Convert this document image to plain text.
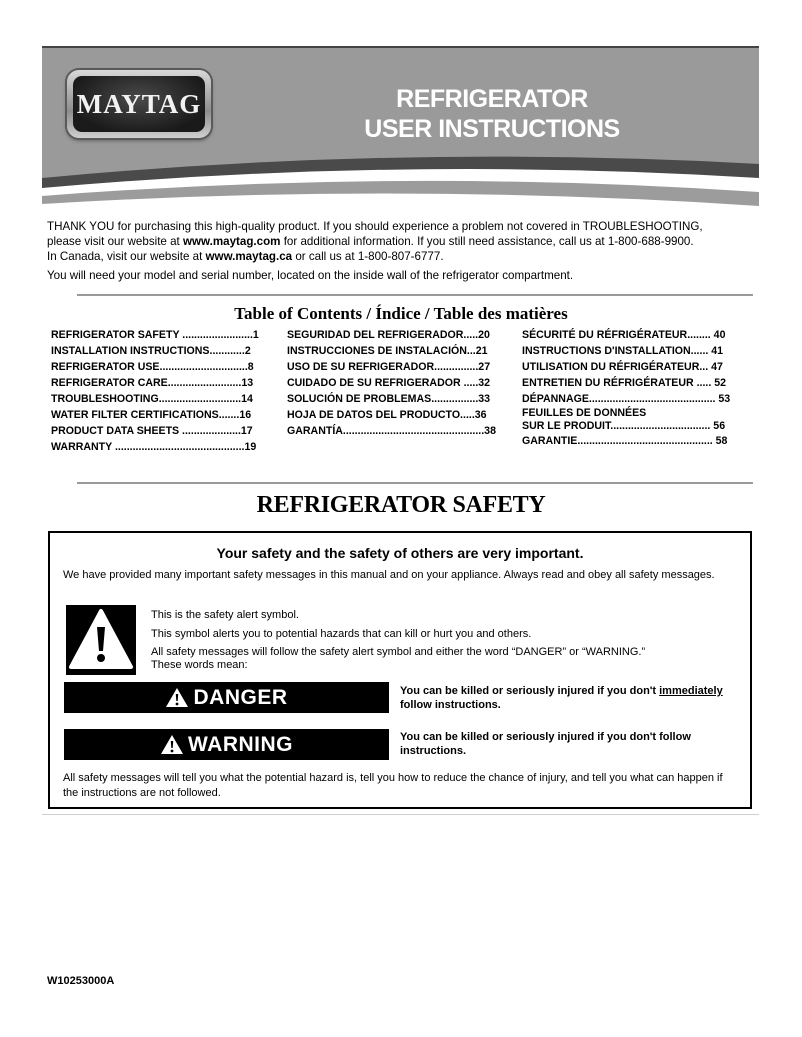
MAYTAG	REFRIGERATOR
USER INSTRUCTIONS

THANK YOU for purchasing this high-quality product. If you should experience a problem not covered in TROUBLESHOOTING,
please visit our website at www.maytag.com for additional information. If you still need assistance, call us at 1-800-688-9900.
In Canada, visit our website at www.maytag.ca or call us at 1-800-807-6777.

You will need your model and serial number, located on the inside wall of the refrigerator compartment.

Table of Contents / Índice / Table des matières
REFRIGERATOR SAFETY ........................1
INSTALLATION INSTRUCTIONS............2
REFRIGERATOR USE..............................8
REFRIGERATOR CARE.........................13
TROUBLESHOOTING............................14
WATER FILTER CERTIFICATIONS.......16
PRODUCT DATA SHEETS ....................17
WARRANTY ............................................19
SEGURIDAD DEL REFRIGERADOR.....20
INSTRUCCIONES DE INSTALACIÓN...21
USO DE SU REFRIGERADOR...............27
CUIDADO DE SU REFRIGERADOR .....32
SOLUCIÓN DE PROBLEMAS................33
HOJA DE DATOS DEL PRODUCTO.....36
GARANTÍA................................................38
SÉCURITÉ DU RÉFRIGÉRATEUR........ 40
INSTRUCTIONS D'INSTALLATION...... 41
UTILISATION DU RÉFRIGÉRATEUR... 47
ENTRETIEN DU RÉFRIGÉRATEUR ..... 52
DÉPANNAGE........................................... 53
FEUILLES DE DONNÉES
SUR LE PRODUIT.................................. 56
GARANTIE.............................................. 58
REFRIGERATOR SAFETY
Your safety and the safety of others are very important.
We have provided many important safety messages in this manual and on your appliance. Always read and obey all safety messages.
This is the safety alert symbol.
This symbol alerts you to potential hazards that can kill or hurt you and others.
All safety messages will follow the safety alert symbol and either the word “DANGER” or “WARNING.”
These words mean:
DANGER	You can be killed or seriously injured if you don't immediately
follow instructions.
WARNING	You can be killed or seriously injured if you don't follow instructions.
All safety messages will tell you what the potential hazard is, tell you how to reduce the chance of injury, and tell you what can happen if the instructions are not followed.
W10253000A
